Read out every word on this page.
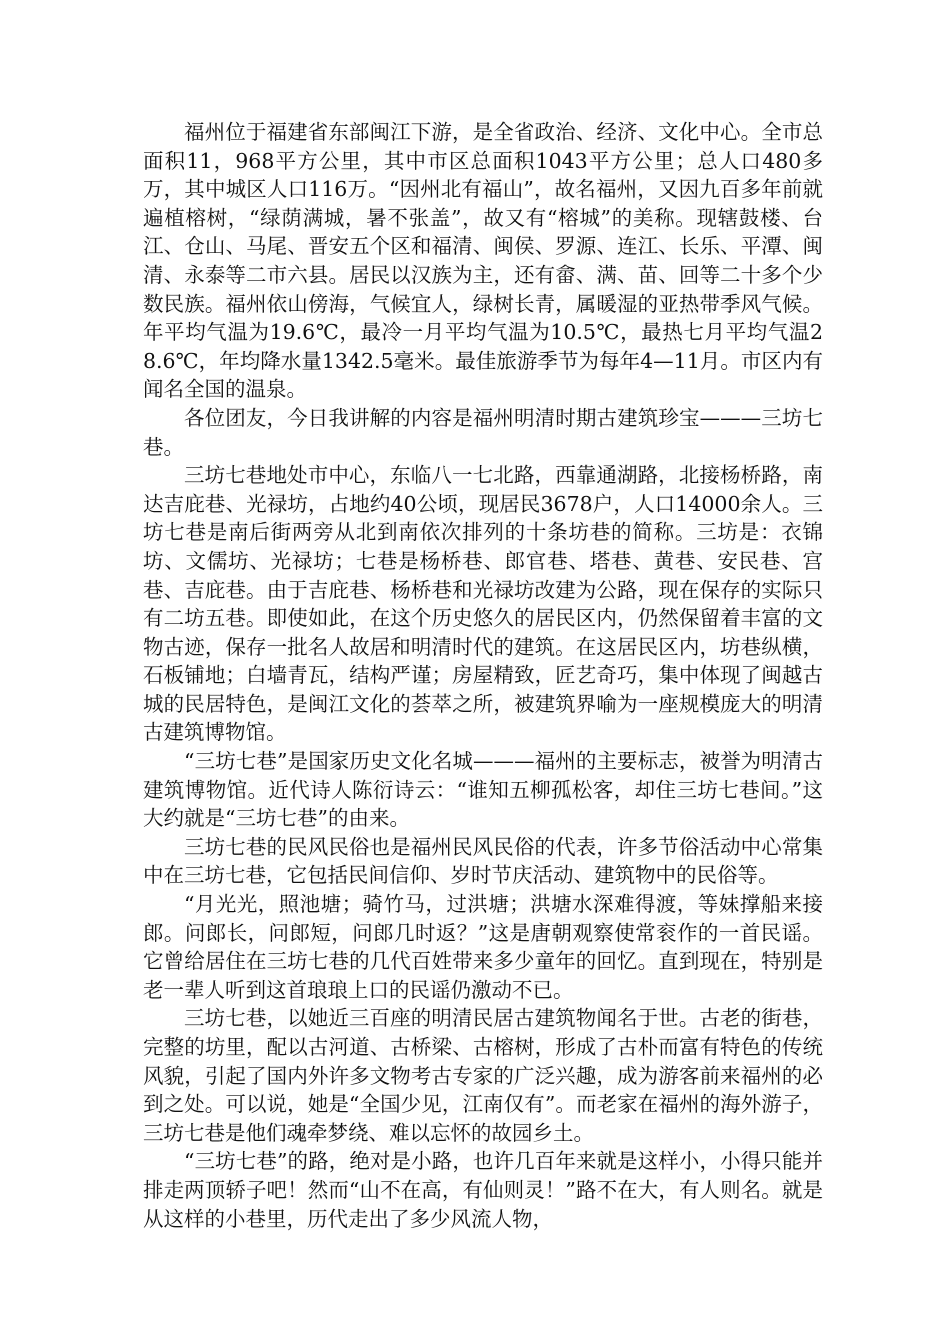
福州位于福建省东部闽江下游，是全省政治、经济、文化中心。全市总面积11，968平方公里，其中市区总面积1043平方公里；总人口480多万，其中城区人口116万。“因州北有福山”，故名福州，又因九百多年前就遍植榕树，“绿荫满城，暑不张盖”，故又有“榕城”的美称。现辖鼓楼、台江、仓山、马尾、晋安五个区和福清、闽侯、罗源、连江、长乐、平潭、闽清、永泰等二市六县。居民以汉族为主，还有畲、满、苗、回等二十多个少数民族。福州依山傍海，气候宜人，绿树长青，属暖湿的亚热带季风气候。年平均气温为19.6℃，最冷一月平均气温为10.5℃，最热七月平均气温28.6℃，年均降水量1342.5毫米。最佳旅游季节为每年4—11月。市区内有闻名全国的温泉。

各位团友，今日我讲解的内容是福州明清时期古建筑珍宝———三坊七巷。

三坊七巷地处市中心，东临八一七北路，西靠通湖路，北接杨桥路，南达吉庇巷、光禄坊，占地约40公顷，现居民3678户，人口14000余人。三坊七巷是南后街两旁从北到南依次排列的十条坊巷的简称。三坊是：衣锦坊、文儒坊、光禄坊；七巷是杨桥巷、郎官巷、塔巷、黄巷、安民巷、宫巷、吉庇巷。由于吉庇巷、杨桥巷和光禄坊改建为公路，现在保存的实际只有二坊五巷。即使如此，在这个历史悠久的居民区内，仍然保留着丰富的文物古迹，保存一批名人故居和明清时代的建筑。在这居民区内，坊巷纵横，石板铺地；白墙青瓦，结构严谨；房屋精致，匠艺奇巧，集中体现了闽越古城的民居特色，是闽江文化的荟萃之所，被建筑界喻为一座规模庞大的明清古建筑博物馆。

“三坊七巷”是国家历史文化名城———福州的主要标志，被誉为明清古建筑博物馆。近代诗人陈衍诗云：“谁知五柳孤松客，却住三坊七巷间。”这大约就是“三坊七巷”的由来。

三坊七巷的民风民俗也是福州民风民俗的代表，许多节俗活动中心常集中在三坊七巷，它包括民间信仰、岁时节庆活动、建筑物中的民俗等。

“月光光，照池塘；骑竹马，过洪塘；洪塘水深难得渡，等妹撑船来接郎。问郎长，问郎短，问郎几时返？”这是唐朝观察使常衮作的一首民谣。它曾给居住在三坊七巷的几代百姓带来多少童年的回忆。直到现在，特别是老一辈人听到这首琅琅上口的民谣仍激动不已。

三坊七巷，以她近三百座的明清民居古建筑物闻名于世。古老的街巷，完整的坊里，配以古河道、古桥梁、古榕树，形成了古朴而富有特色的传统风貌，引起了国内外许多文物考古专家的广泛兴趣，成为游客前来福州的必到之处。可以说，她是“全国少见，江南仅有”。而老家在福州的海外游子，三坊七巷是他们魂牵梦绕、难以忘怀的故园乡土。

“三坊七巷”的路，绝对是小路，也许几百年来就是这样小，小得只能并排走两顶轿子吧！然而“山不在高，有仙则灵！”路不在大，有人则名。就是从这样的小巷里，历代走出了多少风流人物，
